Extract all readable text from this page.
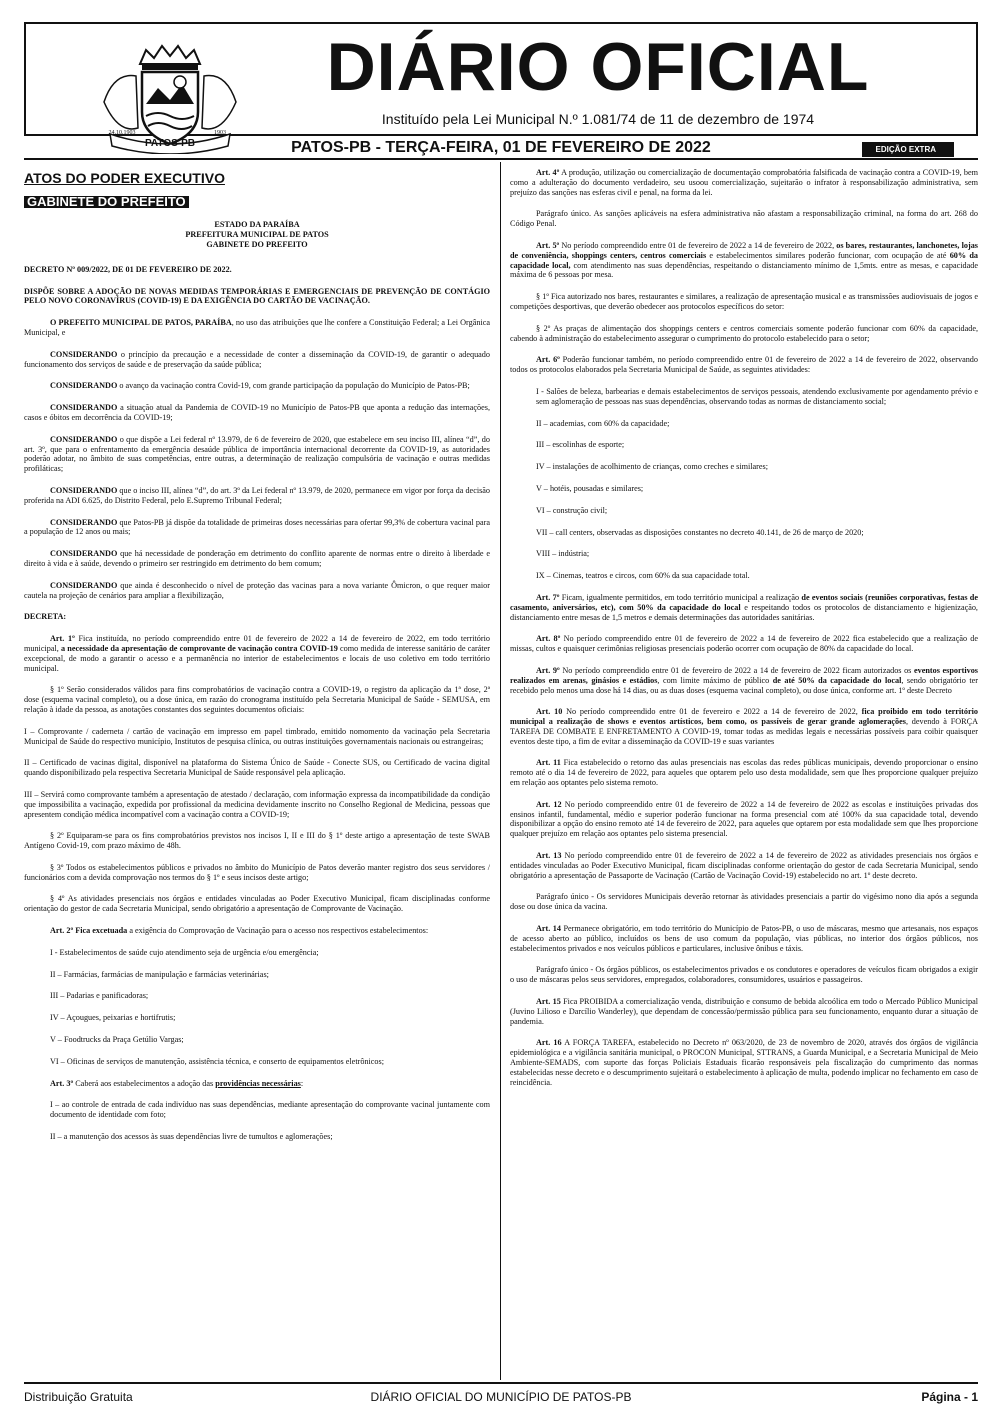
PATOS-PB
24.10.1903	1903
DIÁRIO OFICIAL
Instituído pela Lei Municipal N.º 1.081/74 de 11 de dezembro de 1974
PATOS-PB - TERÇA-FEIRA, 01 DE FEVEREIRO DE 2022	EDIÇÃO EXTRA
ATOS DO PODER EXECUTIVO
GABINETE DO PREFEITO
ESTADO DA PARAÍBA
PREFEITURA MUNICIPAL DE PATOS
GABINETE DO PREFEITO

DECRETO Nº 009/2022, DE 01 DE FEVEREIRO DE 2022.

DISPÕE SOBRE A ADOÇÃO DE NOVAS MEDIDAS TEMPORÁRIAS E EMERGENCIAIS DE PREVENÇÃO DE CONTÁGIO PELO NOVO CORONAVÍRUS (COVID-19) E DA EXIGÊNCIA DO CARTÃO DE VACINAÇÃO.

O PREFEITO MUNICIPAL DE PATOS, PARAÍBA, no uso das atribuições que lhe confere a Constituição Federal; a Lei Orgânica Municipal, e

CONSIDERANDO o princípio da precaução e a necessidade de conter a disseminação da COVID-19, de garantir o adequado funcionamento dos serviços de saúde e de preservação da saúde pública;

CONSIDERANDO o avanço da vacinação contra Covid-19, com grande participação da população do Município de Patos-PB;

CONSIDERANDO a situação atual da Pandemia de COVID-19 no Município de Patos-PB que aponta a redução das internações, casos e óbitos em decorrência da COVID-19;

CONSIDERANDO o que dispõe a Lei federal nº 13.979, de 6 de fevereiro de 2020, que estabelece em seu inciso III, alínea “d”, do art. 3º, que para o enfrentamento da emergência desaúde pública de importância internacional decorrente da COVID-19, as autoridades poderão adotar, no âmbito de suas competências, entre outras, a determinação de realização compulsória de vacinação e outras medidas profiláticas;

CONSIDERANDO que o inciso III, alínea “d”, do art. 3º da Lei federal nº 13.979, de 2020, permanece em vigor por força da decisão proferida na ADI 6.625, do Distrito Federal, pelo E.Supremo Tribunal Federal;

CONSIDERANDO que Patos-PB já dispõe da totalidade de primeiras doses necessárias para ofertar 99,3% de cobertura vacinal para a população de 12 anos ou mais;

CONSIDERANDO que há necessidade de ponderação em detrimento do conflito aparente de normas entre o direito à liberdade e direito à vida e à saúde, devendo o primeiro ser restringido em detrimento do bem comum;

CONSIDERANDO que ainda é desconhecido o nível de proteção das vacinas para a nova variante Ômicron, o que requer maior cautela na projeção de cenários para ampliar a flexibilização,

DECRETA:

Art. 1º Fica instituída, no período compreendido entre 01 de fevereiro de 2022 a 14 de fevereiro de 2022, em todo território municipal, a necessidade da apresentação de comprovante de vacinação contra COVID-19 como medida de interesse sanitário de caráter excepcional, de modo a garantir o acesso e a permanência no interior de estabelecimentos e locais de uso coletivo em todo território municipal.

§ 1º Serão considerados válidos para fins comprobatórios de vacinação contra a COVID-19, o registro da aplicação da 1ª dose, 2ª dose (esquema vacinal completo), ou a dose única, em razão do cronograma instituído pela Secretaria Municipal de Saúde - SEMUSA, em relação à idade da pessoa, as anotações constantes dos seguintes documentos oficiais:

I – Comprovante / caderneta / cartão de vacinação em impresso em papel timbrado, emitido nomomento da vacinação pela Secretaria Municipal de Saúde do respectivo município, Institutos de pesquisa clínica, ou outras instituições governamentais nacionais ou estrangeiras;

II – Certificado de vacinas digital, disponível na plataforma do Sistema Único de Saúde - Conecte SUS, ou Certificado de vacina digital quando disponibilizado pela respectiva Secretaria Municipal de Saúde responsável pela aplicação.

III – Servirá como comprovante também a apresentação de atestado / declaração, com informação expressa da incompatibilidade da condição que impossibilita a vacinação, expedida por profissional da medicina devidamente inscrito no Conselho Regional de Medicina, pessoas que apresentem condição médica incompatível com a vacinação contra a COVID-19;

§ 2º Equiparam-se para os fins comprobatórios previstos nos incisos I, II e III do § 1º deste artigo a apresentação de teste SWAB Antígeno Covid-19, com prazo máximo de 48h.

§ 3º Todos os estabelecimentos públicos e privados no âmbito do Município de Patos deverão manter registro dos seus servidores / funcionários com a devida comprovação nos termos do § 1º e seus incisos deste artigo;

§ 4º As atividades presenciais nos órgãos e entidades vinculadas ao Poder Executivo Municipal, ficam disciplinadas conforme orientação do gestor de cada Secretaria Municipal, sendo obrigatório a apresentação de Comprovante de Vacinação.

Art. 2º Fica excetuada a exigência do Comprovação de Vacinação para o acesso nos respectivos estabelecimentos:

I - Estabelecimentos de saúde cujo atendimento seja de urgência e/ou emergência;

II – Farmácias, farmácias de manipulação e farmácias veterinárias;

III – Padarias e panificadoras;

IV – Açougues, peixarias e hortifrutis;

V – Foodtrucks da Praça Getúlio Vargas;

VI – Oficinas de serviços de manutenção, assistência técnica, e conserto de equipamentos eletrônicos;

Art. 3º Caberá aos estabelecimentos a adoção das providências necessárias:

I – ao controle de entrada de cada indivíduo nas suas dependências, mediante apresentação do comprovante vacinal juntamente com documento de identidade com foto;

II – a manutenção dos acessos às suas dependências livre de tumultos e aglomerações;

Art. 4º A produção, utilização ou comercialização de documentação comprobatória falsificada de vacinação contra a COVID-19, bem como a adulteração do documento verdadeiro, seu usoou comercialização, sujeitarão o infrator à responsabilização administrativa, sem prejuízo das sanções nas esferas civil e penal, na forma da lei.

Parágrafo único. As sanções aplicáveis na esfera administrativa não afastam a responsabilização criminal, na forma do art. 268 do Código Penal.

Art. 5º No período compreendido entre 01 de fevereiro de 2022 a 14 de fevereiro de 2022, os bares, restaurantes, lanchonetes, lojas de conveniência, shoppings centers, centros comerciais e estabelecimentos similares poderão funcionar, com ocupação de até 60% da capacidade local, com atendimento nas suas dependências, respeitando o distanciamento mínimo de 1,5mts. entre as mesas, e capacidade máxima de 6 pessoas por mesa.

§ 1º Fica autorizado nos bares, restaurantes e similares, a realização de apresentação musical e as transmissões audiovisuais de jogos e competições desportivas, que deverão obedecer aos protocolos específicos do setor:

§ 2º As praças de alimentação dos shoppings centers e centros comerciais somente poderão funcionar com 60% da capacidade, cabendo à administração do estabelecimento assegurar o cumprimento do protocolo estabelecido para o setor;

Art. 6º Poderão funcionar também, no período compreendido entre 01 de fevereiro de 2022 a 14 de fevereiro de 2022, observando todos os protocolos elaborados pela Secretaria Municipal de Saúde, as seguintes atividades:

I - Salões de beleza, barbearias e demais estabelecimentos de serviços pessoais, atendendo exclusivamente por agendamento prévio e sem aglomeração de pessoas nas suas dependências, observando todas as normas de distanciamento social;

II – academias, com 60% da capacidade;

III – escolinhas de esporte;

IV – instalações de acolhimento de crianças, como creches e similares;

V – hotéis, pousadas e similares;

VI – construção civil;

VII – call centers, observadas as disposições constantes no decreto 40.141, de 26 de março de 2020;

VIII – indústria;

IX – Cinemas, teatros e circos, com 60% da sua capacidade total.

Art. 7º Ficam, igualmente permitidos, em todo território municipal a realização de eventos sociais (reuniões corporativas, festas de casamento, aniversários, etc), com 50% da capacidade do local e respeitando todos os protocolos de distanciamento e higienização, distanciamento entre mesas de 1,5 metros e demais determinações das autoridades sanitárias.

Art. 8º No período compreendido entre 01 de fevereiro de 2022 a 14 de fevereiro de 2022 fica estabelecido que a realização de missas, cultos e quaisquer cerimônias religiosas presenciais poderão ocorrer com ocupação de 80% da capacidade do local.

Art. 9º No período compreendido entre 01 de fevereiro de 2022 a 14 de fevereiro de 2022 ficam autorizados os eventos esportivos realizados em arenas, ginásios e estádios, com limite máximo de público de até 50% da capacidade do local, sendo obrigatório ter recebido pelo menos uma dose há 14 dias, ou as duas doses (esquema vacinal completo), ou dose única, conforme art. 1º deste Decreto

Art. 10 No período compreendido entre 01 de fevereiro e 2022 a 14 de fevereiro de 2022, fica proibido em todo território municipal a realização de shows e eventos artísticos, bem como, os passíveis de gerar grande aglomerações, devendo à FORÇA TAREFA DE COMBATE E ENFRETAMENTO A COVID-19, tomar todas as medidas legais e necessárias possíveis para coibir quaisquer eventos deste tipo, a fim de evitar a disseminação da COVID-19 e suas variantes

Art. 11 Fica estabelecido o retorno das aulas presenciais nas escolas das redes públicas municipais, devendo proporcionar o ensino remoto até o dia 14 de fevereiro de 2022, para aqueles que optarem pelo uso desta modalidade, sem que lhes proporcione qualquer prejuízo em relação aos optantes pelo sistema remoto.

Art. 12 No período compreendido entre 01 de fevereiro de 2022 a 14 de fevereiro de 2022 as escolas e instituições privadas dos ensinos infantil, fundamental, médio e superior poderão funcionar na forma presencial com até 100% da sua capacidade total, devendo disponibilizar a opção do ensino remoto até 14 de fevereiro de 2022, para aqueles que optarem por esta modalidade sem que lhes proporcione qualquer prejuízo em relação aos optantes pelo sistema presencial.

Art. 13 No período compreendido entre 01 de fevereiro de 2022 a 14 de fevereiro de 2022 as atividades presenciais nos órgãos e entidades vinculadas ao Poder Executivo Municipal, ficam disciplinadas conforme orientação do gestor de cada Secretaria Municipal, sendo obrigatório a apresentação de Passaporte de Vacinação (Cartão de Vacinação Covid-19) estabelecido no art. 1º deste decreto.

Parágrafo único - Os servidores Municipais deverão retornar às atividades presenciais a partir do vigésimo nono dia após a segunda dose ou dose única da vacina.

Art. 14 Permanece obrigatório, em todo território do Município de Patos-PB, o uso de máscaras, mesmo que artesanais, nos espaços de acesso aberto ao público, incluídos os bens de uso comum da população, vias públicas, no interior dos órgãos públicos, nos estabelecimentos privados e nos veículos públicos e particulares, inclusive ônibus e táxis.

Parágrafo único - Os órgãos públicos, os estabelecimentos privados e os condutores e operadores de veículos ficam obrigados a exigir o uso de máscaras pelos seus servidores, empregados, colaboradores, consumidores, usuários e passageiros.

Art. 15 Fica PROIBIDA a comercialização venda, distribuição e consumo de bebida alcoólica em todo o Mercado Público Municipal (Juvino Lilioso e Darcílio Wanderley), que dependam de concessão/permissão pública para seu funcionamento, enquanto durar a situação de pandemia.

Art. 16 A FORÇA TAREFA, estabelecido no Decreto nº 063/2020, de 23 de novembro de 2020, através dos órgãos de vigilância epidemiológica e a vigilância sanitária municipal, o PROCON Municipal, STTRANS, a Guarda Municipal, e a Secretaria Municipal de Meio Ambiente-SEMADS, com suporte das forças Policiais Estaduais ficarão responsáveis pela fiscalização do cumprimento das normas estabelecidas nesse decreto e o descumprimento sujeitará o estabelecimento à aplicação de multa, podendo implicar no fechamento em caso de reincidência.

Distribuição Gratuita	DIÁRIO OFICIAL DO MUNICÍPIO DE PATOS-PB	Página - 1
